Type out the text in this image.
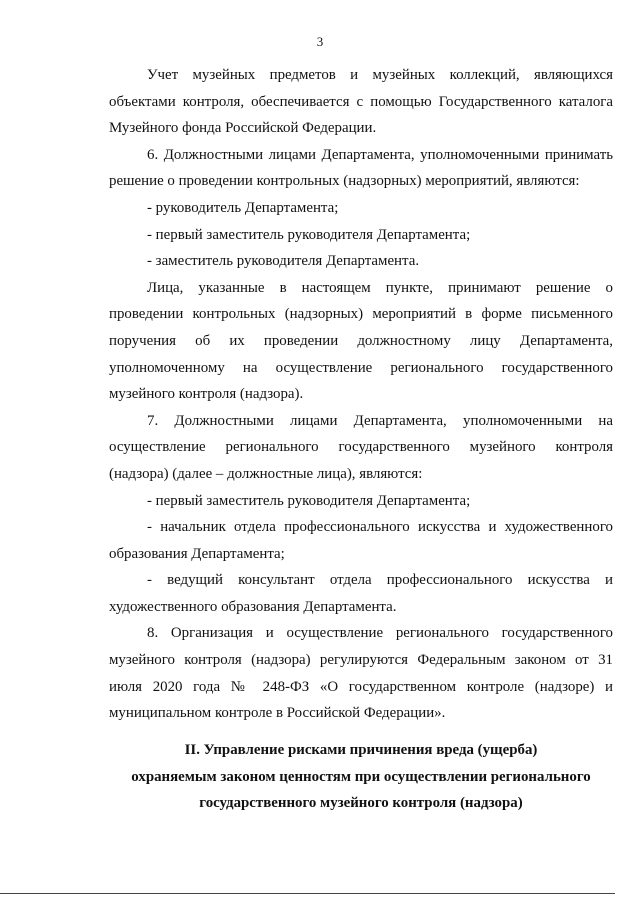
3

Учет музейных предметов и музейных коллекций, являющихся

объектами контроля, обеспечивается с помощью Государственного каталога

Музейного фонда Российской Федерации.

6. Должностными лицами Департамента, уполномоченными принимать

решение о проведении контрольных (надзорных) мероприятий, являются:

- руководитель Департамента;

- первый заместитель руководителя Департамента;

- заместитель руководителя Департамента.

Лица, указанные в настоящем пункте, принимают решение о

проведении контрольных (надзорных) мероприятий в форме письменного

поручения об их проведении должностному лицу Департамента,

уполномоченному на осуществление регионального государственного

музейного контроля (надзора).

7. Должностными лицами Департамента, уполномоченными на

осуществление регионального государственного музейного контроля

(надзора) (далее – должностные лица), являются:

- первый заместитель руководителя Департамента;

- начальник отдела профессионального искусства и художественного

образования Департамента;

- ведущий консультант отдела профессионального искусства и

художественного образования Департамента.

8. Организация и осуществление регионального государственного

музейного контроля (надзора) регулируются Федеральным законом от 31

июля 2020 года № 248-ФЗ «О государственном контроле (надзоре) и

муниципальном контроле в Российской Федерации».

II. Управление рисками причинения вреда (ущерба)
охраняемым законом ценностям при осуществлении регионального
государственного музейного контроля (надзора)
